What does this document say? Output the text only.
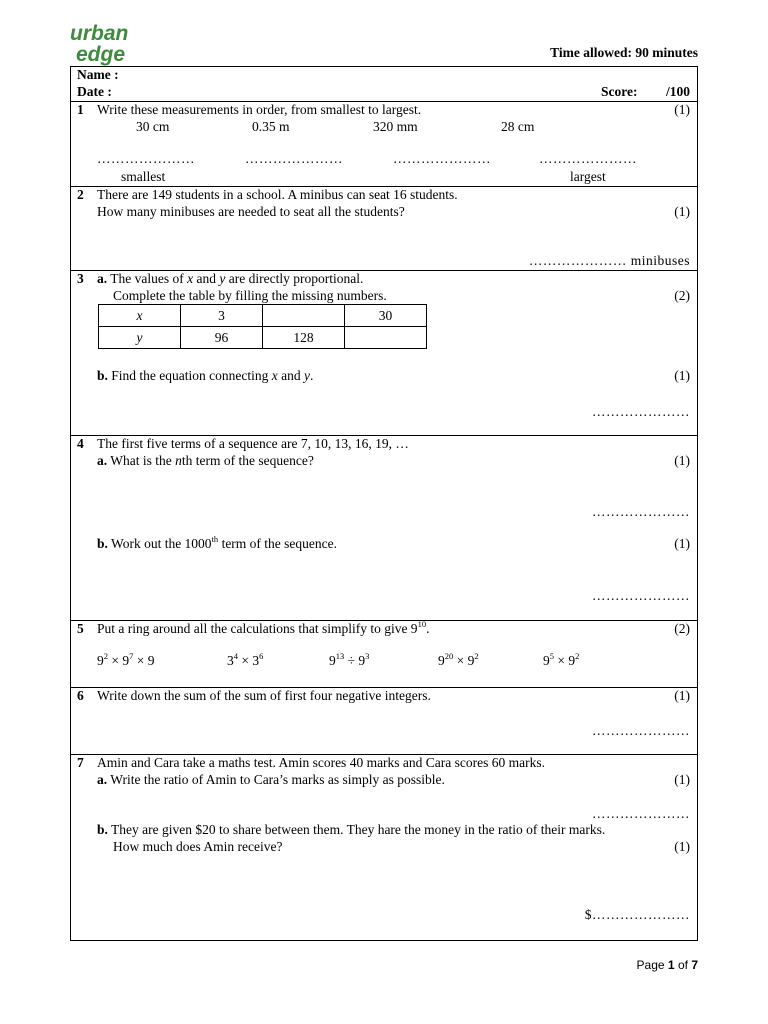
urban
edge	Time allowed: 90 minutes
Name :
Date :	Score: /100
1 Write these measurements in order, from smallest to largest.	(1)
30 cm	0.35 m	320 mm	28 cm
…………………	…………………	…………………	…………………
smallest	largest
2 There are 149 students in a school. A minibus can seat 16 students.
How many minibuses are needed to seat all the students?	(1)
………………… minibuses
3 a. The values of x and y are directly proportional.
Complete the table by filling the missing numbers.	(2)
x	3		30
y	96	128	
b. Find the equation connecting x and y.	(1)
…………………
4 The first five terms of a sequence are 7, 10, 13, 16, 19, …
a. What is the nth term of the sequence?	(1)
…………………
b. Work out the 1000th term of the sequence.	(1)
…………………
5 Put a ring around all the calculations that simplify to give $9^{10}$.	(2)
$9^2 \times 9^7 \times 9$	$3^4 \times 3^6$	$9^{13} \div 9^3$	$9^{20} \times 9^2$	$9^5 \times 9^2$
6 Write down the sum of the sum of first four negative integers.	(1)
…………………
7 Amin and Cara take a maths test. Amin scores 40 marks and Cara scores 60 marks.
a. Write the ratio of Amin to Cara’s marks as simply as possible.	(1)
…………………
b. They are given $20 to share between them. They hare the money in the ratio of their marks.
How much does Amin receive?	(1)
$…………………
Page 1 of 7
